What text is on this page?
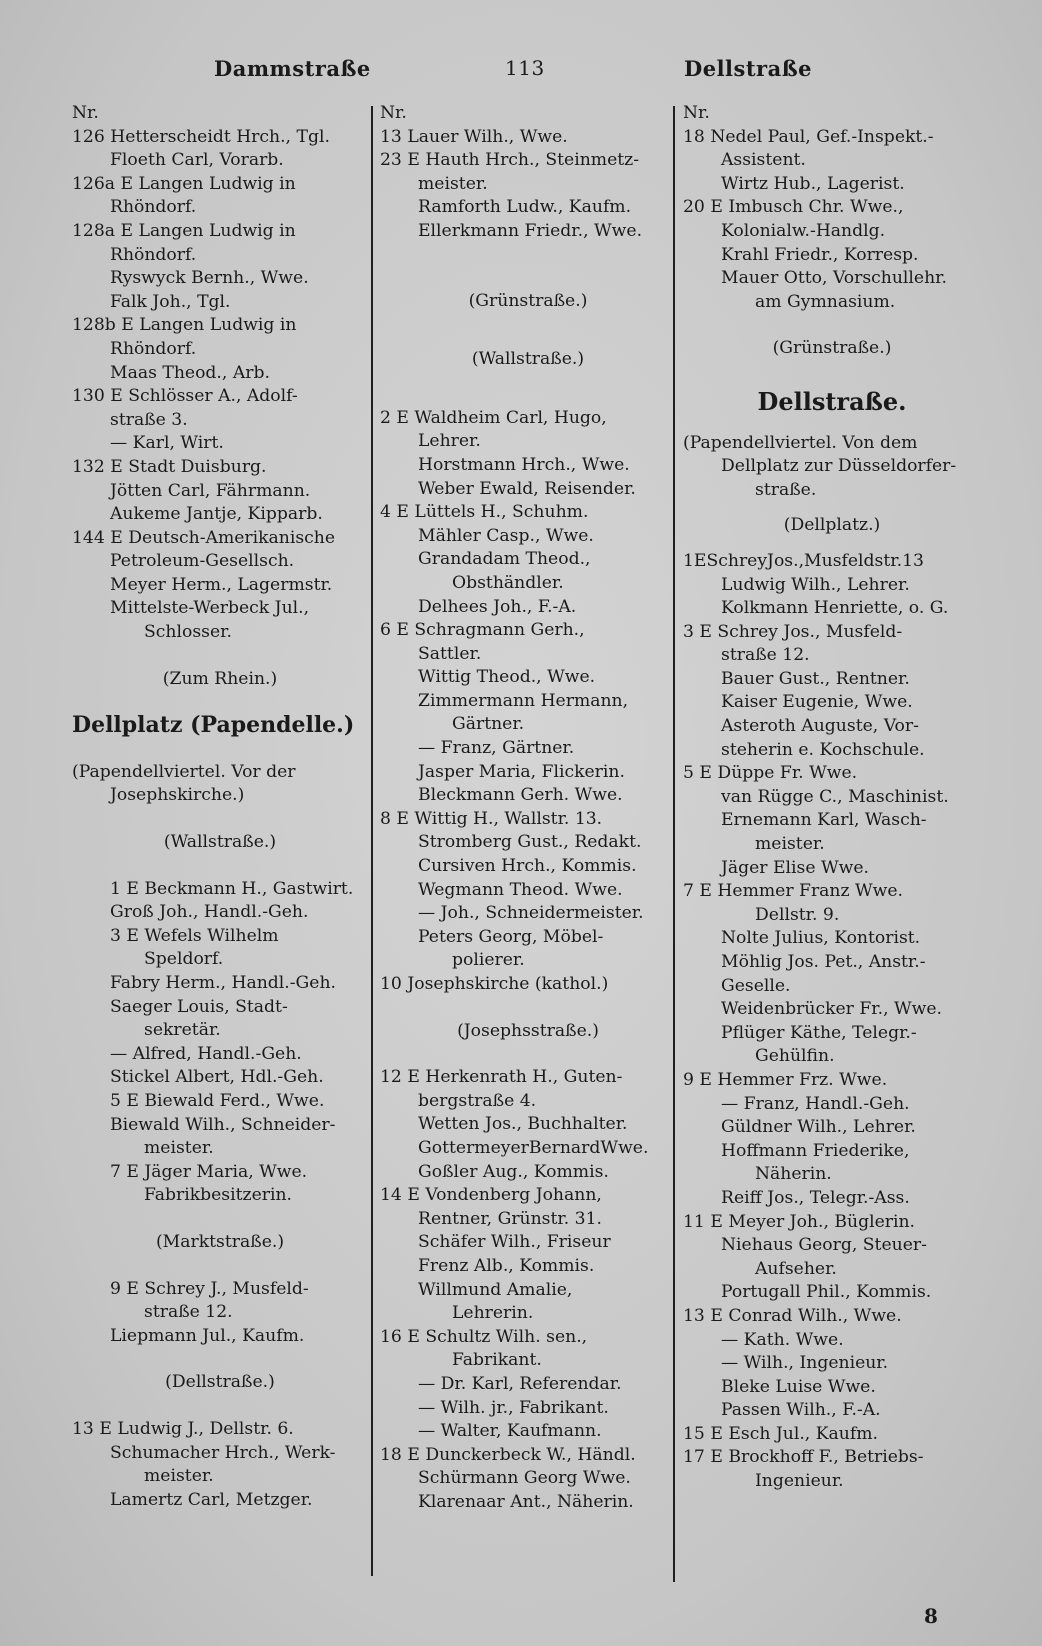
Dammstraße	113	Dellstraße
Nr.
126 Hetterscheidt Hrch., Tgl.
Floeth Carl, Vorarb.
126a E Langen Ludwig in
Rhöndorf.
128a E Langen Ludwig in
Rhöndorf.
Ryswyck Bernh., Wwe.
Falk Joh., Tgl.
128b E Langen Ludwig in
Rhöndorf.
Maas Theod., Arb.
130 E Schlösser A., Adolf-
straße 3.
— Karl, Wirt.
132 E Stadt Duisburg.
Jötten Carl, Fährmann.
Aukeme Jantje, Kipparb.
144 E Deutsch-Amerikanische
Petroleum-Gesellsch.
Meyer Herm., Lagermstr.
Mittelste-Werbeck Jul.,
Schlosser.
(Zum Rhein.)
Dellplatz (Papendelle.)
(Papendellviertel. Vor der
Josephskirche.)
(Wallstraße.)
1 E Beckmann H., Gastwirt.
Groß Joh., Handl.-Geh.
3 E Wefels Wilhelm
Speldorf.
Fabry Herm., Handl.-Geh.
Saeger Louis, Stadt-
sekretär.
— Alfred, Handl.-Geh.
Stickel Albert, Hdl.-Geh.
5 E Biewald Ferd., Wwe.
Biewald Wilh., Schneider-
meister.
7 E Jäger Maria, Wwe.
Fabrikbesitzerin.
(Marktstraße.)
9 E Schrey J., Musfeld-
straße 12.
Liepmann Jul., Kaufm.
(Dellstraße.)
13 E Ludwig J., Dellstr. 6.
Schumacher Hrch., Werk-
meister.
Lamertz Carl, Metzger.
Nr.
13 Lauer Wilh., Wwe.
23 E Hauth Hrch., Steinmetz-
meister.
Ramforth Ludw., Kaufm.
Ellerkmann Friedr., Wwe.
(Grünstraße.)
(Wallstraße.)
2 E Waldheim Carl, Hugo,
Lehrer.
Horstmann Hrch., Wwe.
Weber Ewald, Reisender.
4 E Lüttels H., Schuhm.
Mähler Casp., Wwe.
Grandadam Theod.,
Obsthändler.
Delhees Joh., F.-A.
6 E Schragmann Gerh.,
Sattler.
Wittig Theod., Wwe.
Zimmermann Hermann,
Gärtner.
— Franz, Gärtner.
Jasper Maria, Flickerin.
Bleckmann Gerh. Wwe.
8 E Wittig H., Wallstr. 13.
Stromberg Gust., Redakt.
Cursiven Hrch., Kommis.
Wegmann Theod. Wwe.
— Joh., Schneidermeister.
Peters Georg, Möbel-
polierer.
10 Josephskirche (kathol.)
(Josephsstraße.)
12 E Herkenrath H., Guten-
bergstraße 4.
Wetten Jos., Buchhalter.
GottermeyerBernardWwe.
Goßler Aug., Kommis.
14 E Vondenberg Johann,
Rentner, Grünstr. 31.
Schäfer Wilh., Friseur
Frenz Alb., Kommis.
Willmund Amalie,
Lehrerin.
16 E Schultz Wilh. sen.,
Fabrikant.
— Dr. Karl, Referendar.
— Wilh. jr., Fabrikant.
— Walter, Kaufmann.
18 E Dunckerbeck W., Händl.
Schürmann Georg Wwe.
Klarenaar Ant., Näherin.
Nr.
18 Nedel Paul, Gef.-Inspekt.-
Assistent.
Wirtz Hub., Lagerist.
20 E Imbusch Chr. Wwe.,
Kolonialw.-Handlg.
Krahl Friedr., Korresp.
Mauer Otto, Vorschullehr.
am Gymnasium.
(Grünstraße.)
Dellstraße.
(Papendellviertel. Von dem
Dellplatz zur Düsseldorfer-
straße.
(Dellplatz.)
1ESchreyJos.,Musfeldstr.13
Ludwig Wilh., Lehrer.
Kolkmann Henriette, o. G.
3 E Schrey Jos., Musfeld-
straße 12.
Bauer Gust., Rentner.
Kaiser Eugenie, Wwe.
Asteroth Auguste, Vor-
steherin e. Kochschule.
5 E Düppe Fr. Wwe.
van Rügge C., Maschinist.
Ernemann Karl, Wasch-
meister.
Jäger Elise Wwe.
7 E Hemmer Franz Wwe.
Dellstr. 9.
Nolte Julius, Kontorist.
Möhlig Jos. Pet., Anstr.-
Geselle.
Weidenbrücker Fr., Wwe.
Pflüger Käthe, Telegr.-
Gehülfin.
9 E Hemmer Frz. Wwe.
— Franz, Handl.-Geh.
Güldner Wilh., Lehrer.
Hoffmann Friederike,
Näherin.
Reiff Jos., Telegr.-Ass.
11 E Meyer Joh., Büglerin.
Niehaus Georg, Steuer-
Aufseher.
Portugall Phil., Kommis.
13 E Conrad Wilh., Wwe.
— Kath. Wwe.
— Wilh., Ingenieur.
Bleke Luise Wwe.
Passen Wilh., F.-A.
15 E Esch Jul., Kaufm.
17 E Brockhoff F., Betriebs-
Ingenieur.
8
